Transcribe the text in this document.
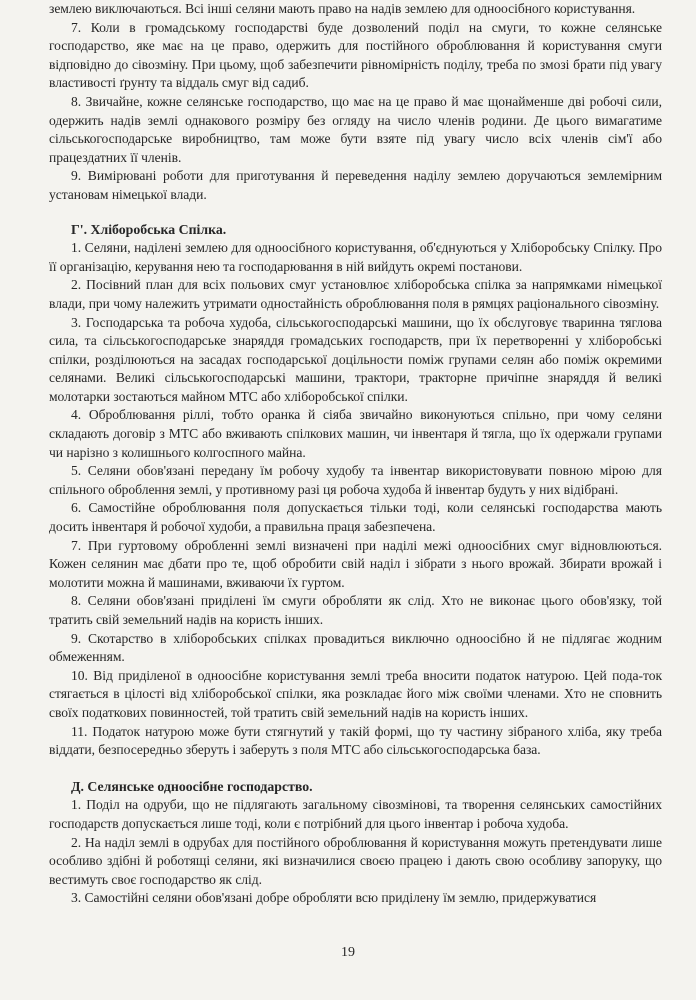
землею виключаються. Всі інші селяни мають право на надів землею для одноосібного користування.

7. Коли в громадському господарстві буде дозволений поділ на смуги, то кожне селянське господарство, яке має на це право, одержить для постійного оброблювання й користування смуги відповідно до сівозміну. При цьому, щоб забезпечити рівномірність поділу, треба по змозі брати під увагу властивості ґрунту та віддаль смуг від садиб.

8. Звичайне, кожне селянське господарство, що має на це право й має щонайменше дві робочі сили, одержить надів землі однакового розміру без огляду на число членів родини. Де цього вимагатиме сільськогосподарське виробництво, там може бути взяте під увагу число всіх членів сім'ї або працездатних її членів.

9. Вимірювані роботи для приготування й переведення наділу землею доручаються землемірним установам німецької влади.

Г'. Хліборобська Спілка.

1. Селяни, наділені землею для одноосібного користування, об'єднуються у Хліборобську Спілку. Про її організацію, керування нею та господарювання в ній вийдуть окремі постанови.

2. Посівний план для всіх польових смуг установлює хліборобська спілка за напрямками німецької влади, при чому належить утримати одностайність оброблювання поля в рямцях раціонального сівозміну.

3. Господарська та робоча худоба, сільськогосподарські машини, що їх обслуговує тваринна тяглова сила, та сільськогосподарське знаряддя громадських господарств, при їх перетворенні у хліборобські спілки, розділюються на засадах господарської доцільности поміж групами селян або поміж окремими селянами. Великі сільськогосподарські машини, трактори, тракторне причіпне знаряддя й великі молотарки зостаються майном МТС або хліборобської спілки.

4. Оброблювання ріллі, тобто оранка й сіяба звичайно виконуються спільно, при чому селяни складають договір з МТС або вживають спілкових машин, чи інвентаря й тягла, що їх одержали групами чи нарізно з колишнього колгоспного майна.

5. Селяни обов'язані передану їм робочу худобу та інвентар використовувати повною мірою для спільного оброблення землі, у противному разі ця робоча худоба й інвентар будуть у них відібрані.

6. Самостійне оброблювання поля допускається тільки тоді, коли селянські господарства мають досить інвентаря й робочої худоби, а правильна праця забезпечена.

7. При гуртовому обробленні землі визначені при наділі межі одноосібних смуг відновлюються. Кожен селянин має дбати про те, щоб обробити свій наділ і зібрати з нього врожай. Збирати врожай і молотити можна й машинами, вживаючи їх гуртом.

8. Селяни обов'язані приділені їм смуги обробляти як слід. Хто не виконає цього обов'язку, той тратить свій земельний надів на користь інших.

9. Скотарство в хліборобських спілках провадиться виключно одноосібно й не підлягає жодним обмеженням.

10. Від приділеної в одноосібне користування землі треба вносити податок натурою. Цей пода-ток стягається в цілості від хліборобської спілки, яка розкладає його між своїми членами. Хто не сповнить своїх податкових повинностей, той тратить свій земельний надів на користь інших.

11. Податок натурою може бути стягнутий у такій формі, що ту частину зібраного хліба, яку треба віддати, безпосередньо зберуть і заберуть з поля МТС або сільськогосподарська база.

Д. Селянське одноосібне господарство.

1. Поділ на одруби, що не підлягають загальному сівозмінові, та творення селянських самостійних господарств допускається лише тоді, коли є потрібний для цього інвентар і робоча худоба.

2. На наділ землі в одрубах для постійного оброблювання й користування можуть претендувати лише особливо здібні й роботящі селяни, які визначилися своєю працею і дають свою особливу запоруку, що вестимуть своє господарство як слід.

3. Самостійні селяни обов'язані добре обробляти всю приділену їм землю, придержуватися

19
